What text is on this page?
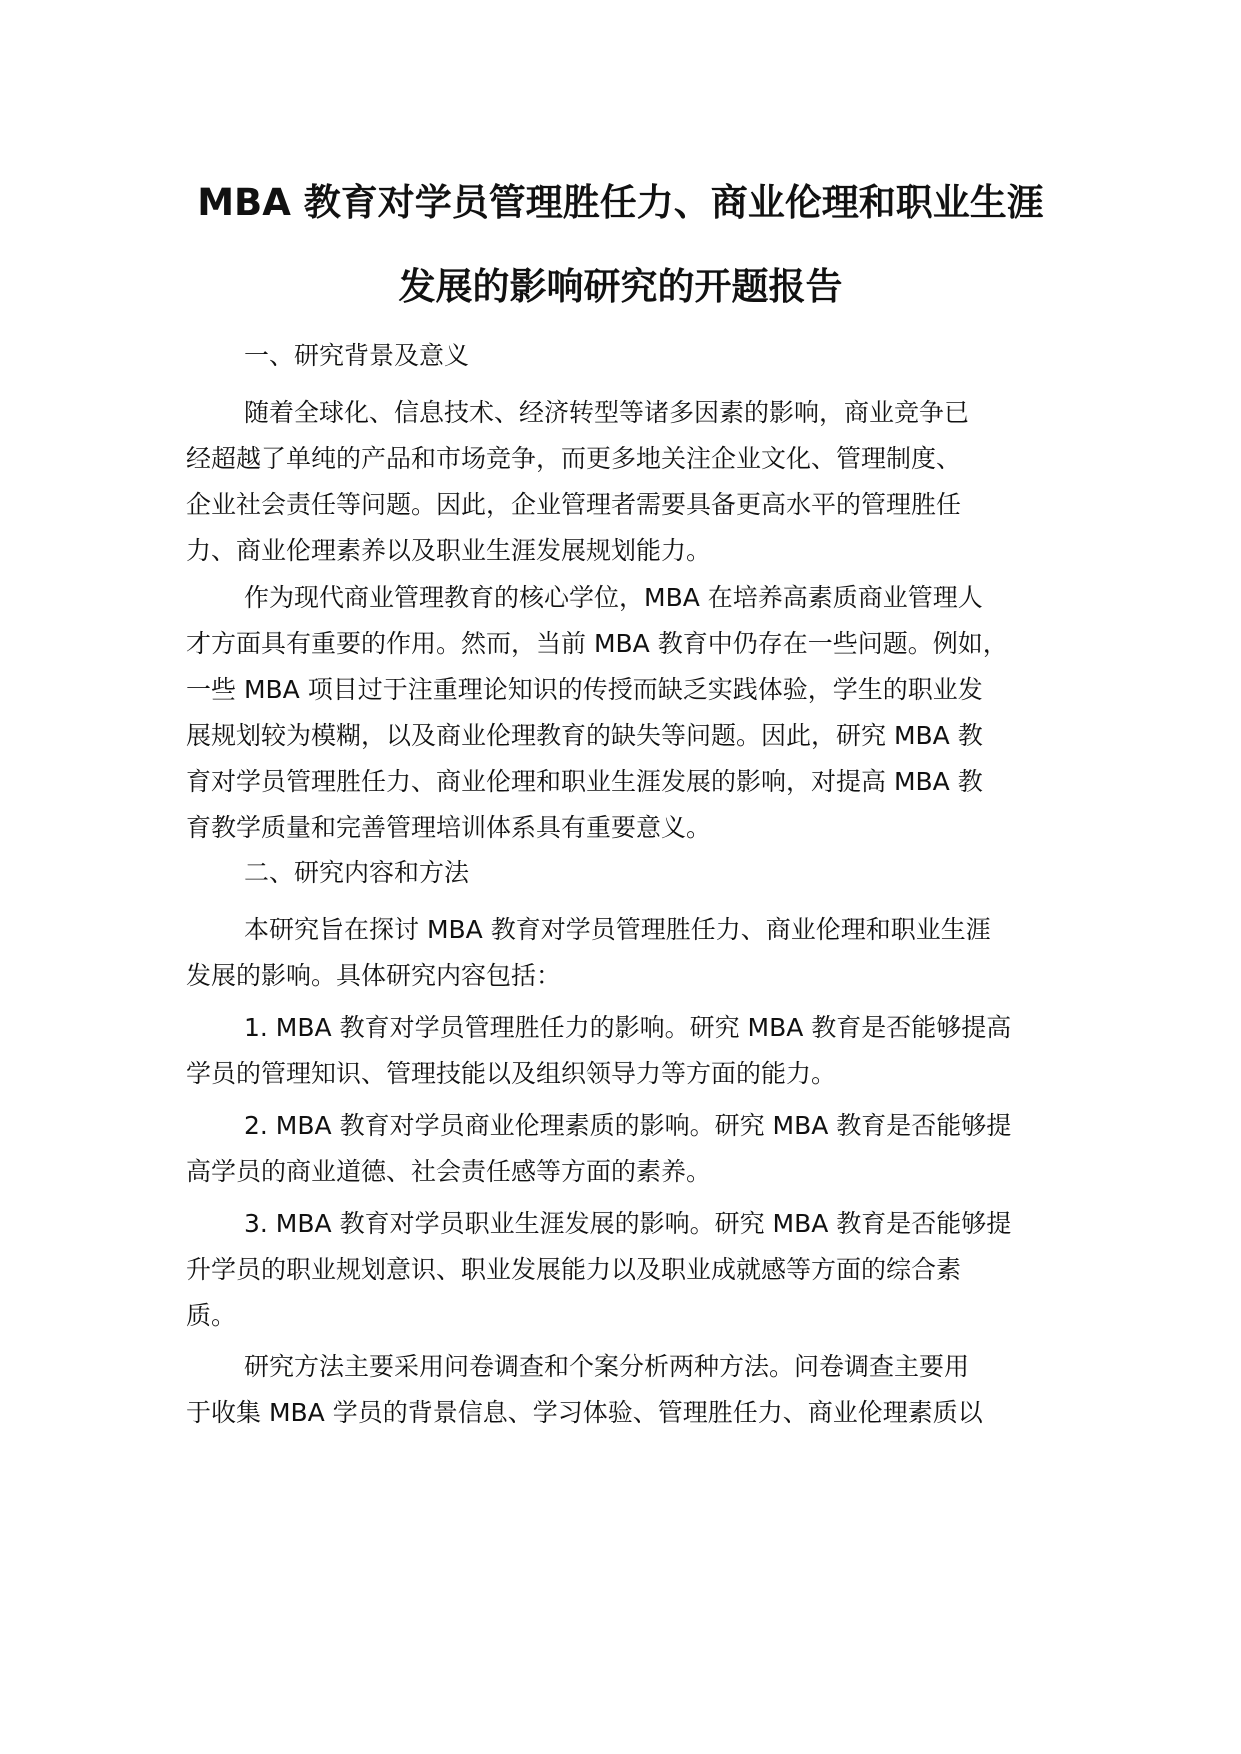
MBA 教育对学员管理胜任力、商业伦理和职业生涯
发展的影响研究的开题报告
一、研究背景及意义
随着全球化、信息技术、经济转型等诸多因素的影响，商业竞争已
经超越了单纯的产品和市场竞争，而更多地关注企业文化、管理制度、
企业社会责任等问题。因此，企业管理者需要具备更高水平的管理胜任
力、商业伦理素养以及职业生涯发展规划能力。
作为现代商业管理教育的核心学位，MBA 在培养高素质商业管理人
才方面具有重要的作用。然而，当前 MBA 教育中仍存在一些问题。例如，
一些 MBA 项目过于注重理论知识的传授而缺乏实践体验，学生的职业发
展规划较为模糊，以及商业伦理教育的缺失等问题。因此，研究 MBA 教
育对学员管理胜任力、商业伦理和职业生涯发展的影响，对提高 MBA 教
育教学质量和完善管理培训体系具有重要意义。
二、研究内容和方法
本研究旨在探讨 MBA 教育对学员管理胜任力、商业伦理和职业生涯
发展的影响。具体研究内容包括：
1. MBA 教育对学员管理胜任力的影响。研究 MBA 教育是否能够提高
学员的管理知识、管理技能以及组织领导力等方面的能力。
2. MBA 教育对学员商业伦理素质的影响。研究 MBA 教育是否能够提
高学员的商业道德、社会责任感等方面的素养。
3. MBA 教育对学员职业生涯发展的影响。研究 MBA 教育是否能够提
升学员的职业规划意识、职业发展能力以及职业成就感等方面的综合素
质。
研究方法主要采用问卷调查和个案分析两种方法。问卷调查主要用
于收集 MBA 学员的背景信息、学习体验、管理胜任力、商业伦理素质以
